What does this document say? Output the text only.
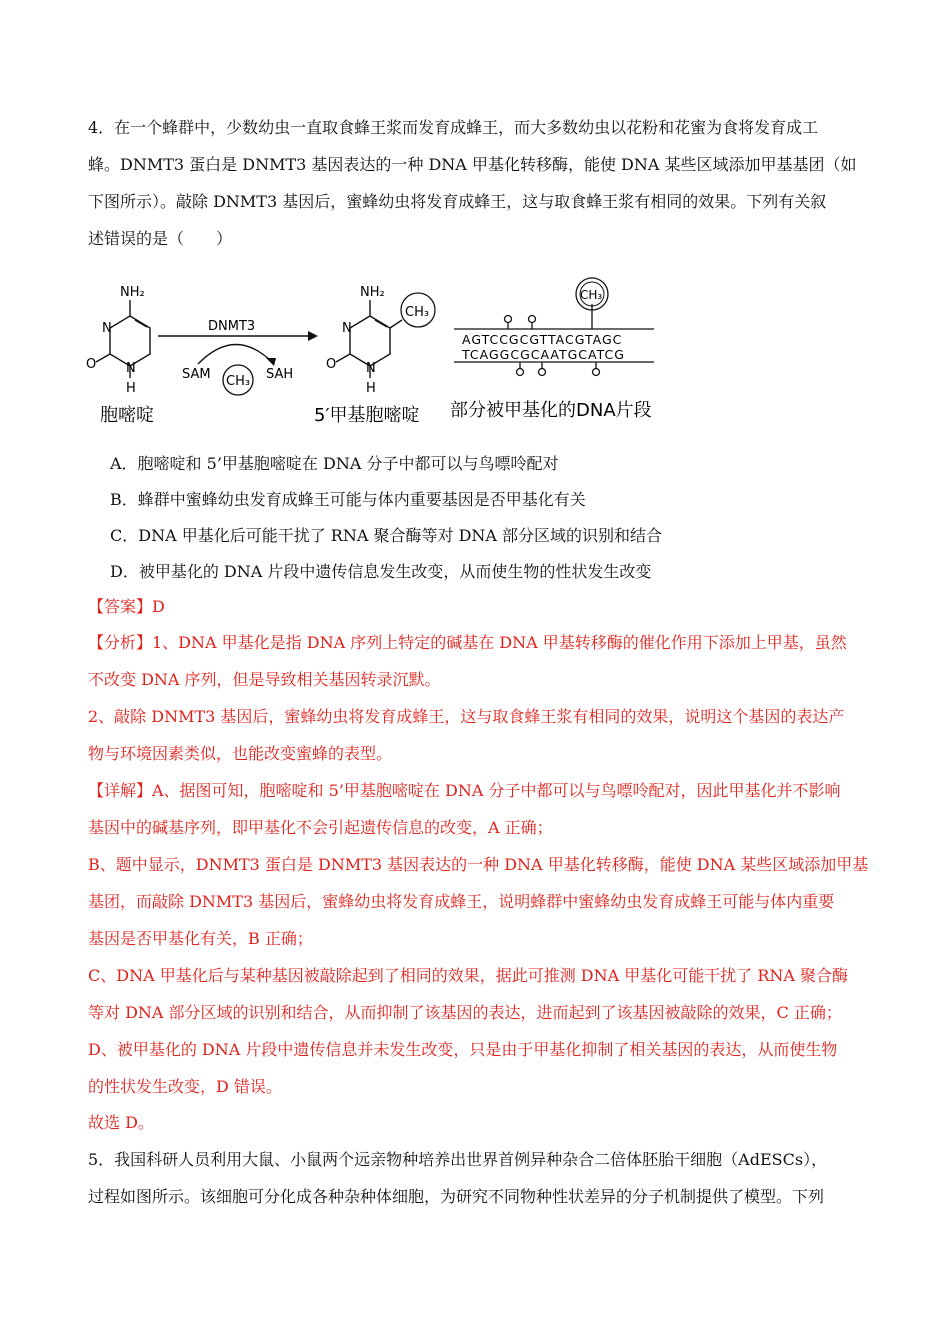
4．在一个蜂群中，少数幼虫一直取食蜂王浆而发育成蜂王，而大多数幼虫以花粉和花蜜为食将发育成工
蜂。DNMT3 蛋白是 DNMT3 基因表达的一种 DNA 甲基化转移酶，能使 DNA 某些区域添加甲基基团（如
下图所示）。敲除 DNMT3 基因后，蜜蜂幼虫将发育成蜂王，这与取食蜂王浆有相同的效果。下列有关叙
述错误的是（　　）
NH₂
N
O N
H
胞嘧啶
DNMT3
SAM	SAH
CH₃
NH₂
N
O N
H
CH₃
5′甲基胞嘧啶
CH₃
AGTCCGCGTTACGTAGC
TCAGGCGCAATGCATCG
部分被甲基化的DNA片段
A．胞嘧啶和 5’甲基胞嘧啶在 DNA 分子中都可以与鸟嘌呤配对
B．蜂群中蜜蜂幼虫发育成蜂王可能与体内重要基因是否甲基化有关
C．DNA 甲基化后可能干扰了 RNA 聚合酶等对 DNA 部分区域的识别和结合
D．被甲基化的 DNA 片段中遗传信息发生改变，从而使生物的性状发生改变
【答案】D
【分析】1、DNA 甲基化是指 DNA 序列上特定的碱基在 DNA 甲基转移酶的催化作用下添加上甲基，虽然
不改变 DNA 序列，但是导致相关基因转录沉默。
2、敲除 DNMT3 基因后，蜜蜂幼虫将发育成蜂王，这与取食蜂王浆有相同的效果，说明这个基因的表达产
物与环境因素类似，也能改变蜜蜂的表型。
【详解】A、据图可知，胞嘧啶和 5’甲基胞嘧啶在 DNA 分子中都可以与鸟嘌呤配对，因此甲基化并不影响
基因中的碱基序列，即甲基化不会引起遗传信息的改变，A 正确；
B、题中显示，DNMT3 蛋白是 DNMT3 基因表达的一种 DNA 甲基化转移酶，能使 DNA 某些区域添加甲基
基团，而敲除 DNMT3 基因后，蜜蜂幼虫将发育成蜂王，说明蜂群中蜜蜂幼虫发育成蜂王可能与体内重要
基因是否甲基化有关，B 正确；
C、DNA 甲基化后与某种基因被敲除起到了相同的效果，据此可推测 DNA 甲基化可能干扰了 RNA 聚合酶
等对 DNA 部分区域的识别和结合，从而抑制了该基因的表达，进而起到了该基因被敲除的效果，C 正确；
D、被甲基化的 DNA 片段中遗传信息并未发生改变，只是由于甲基化抑制了相关基因的表达，从而使生物
的性状发生改变，D 错误。
故选 D。
5．我国科研人员利用大鼠、小鼠两个远亲物种培养出世界首例异种杂合二倍体胚胎干细胞（AdESCs），
过程如图所示。该细胞可分化成各种杂种体细胞，为研究不同物种性状差异的分子机制提供了模型。下列
